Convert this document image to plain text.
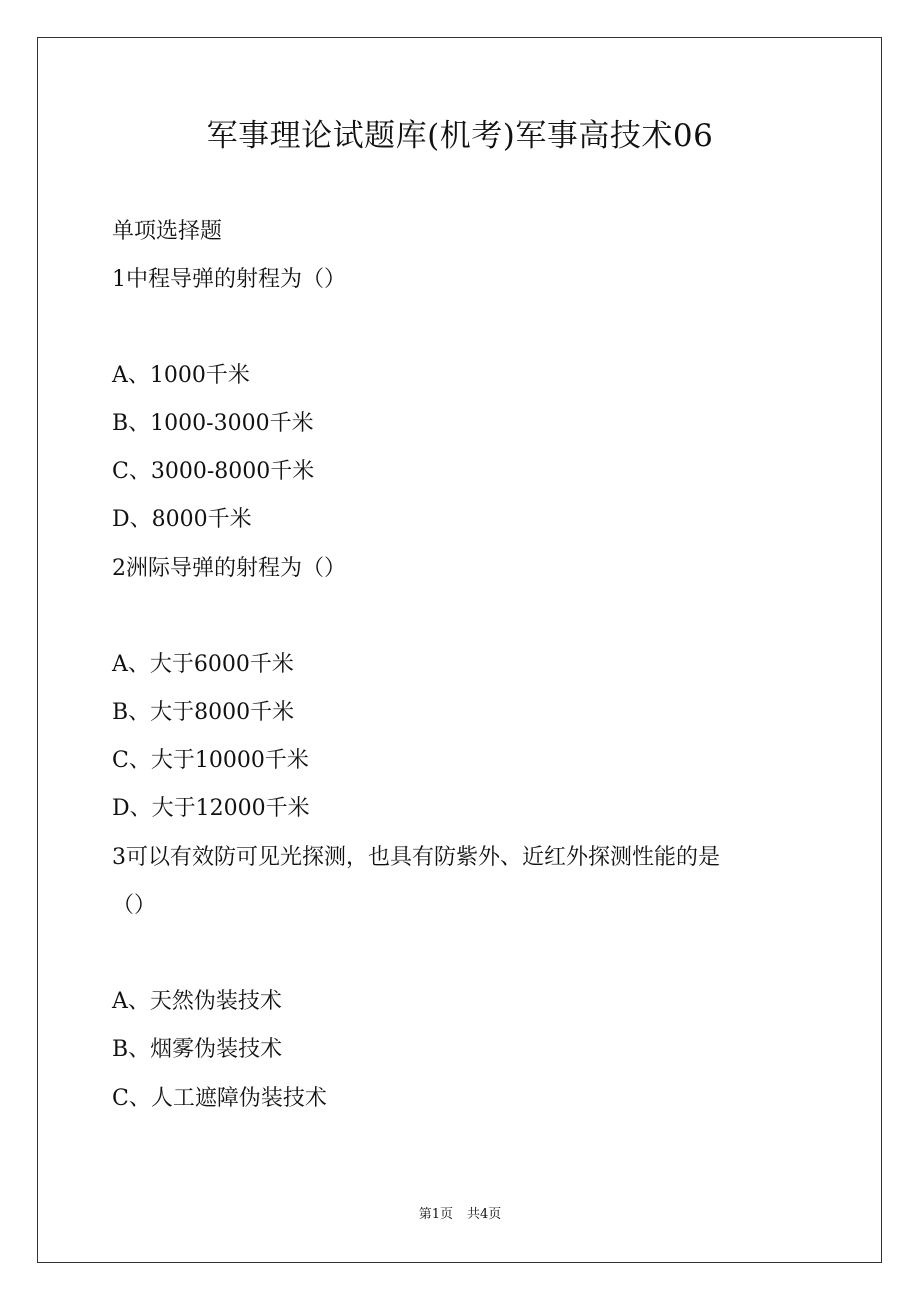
军事理论试题库(机考)军事高技术06

单项选择题

1中程导弹的射程为（）

A、1000千米

B、1000-3000千米

C、3000-8000千米

D、8000千米

2洲际导弹的射程为（）

A、大于6000千米

B、大于8000千米

C、大于10000千米

D、大于12000千米

3可以有效防可见光探测，也具有防紫外、近红外探测性能的是

（）

A、天然伪装技术

B、烟雾伪装技术

C、人工遮障伪装技术

第1页 共4页
